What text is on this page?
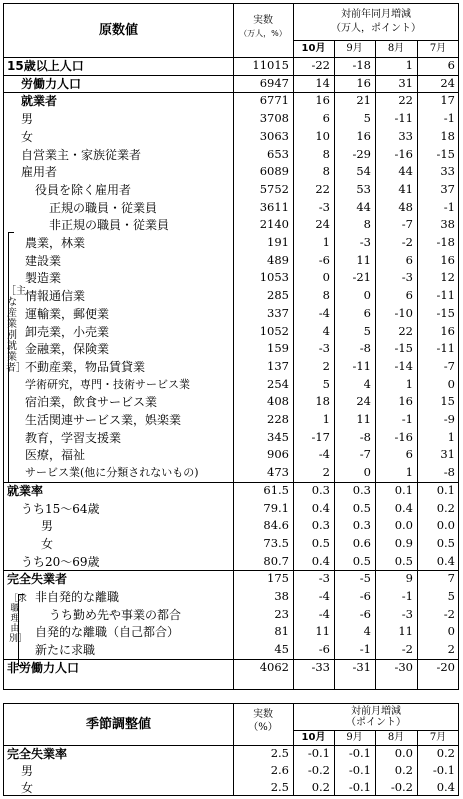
原数値
実数
（万人，%）
対前年同月増減
（万人，ポイント）
10月	9月	8月	7月
15歳以上人口	11015	-22	-18	1	6
労働力人口	6947	14	16	31	24
就業者	6771	16	21	22	17
男	3708	6	5	-11	-1
女	3063	10	16	33	18
自営業主・家族従業者	653	8	-29	-16	-15
雇用者	6089	8	54	44	33
役員を除く雇用者	5752	22	53	41	37
正規の職員・従業員	3611	-3	44	48	-1
非正規の職員・従業員	2140	24	8	-7	38
農業，林業	191	1	-3	-2	-18
建設業	489	-6	11	6	16
製造業	1053	0	-21	-3	12
情報通信業	285	8	0	6	-11
運輸業，郵便業	337	-4	6	-10	-15
卸売業，小売業	1052	4	5	22	16
金融業，保険業	159	-3	-8	-15	-11
不動産業，物品賃貸業	137	2	-11	-14	-7
学術研究，専門・技術サービス業	254	5	4	1	0
宿泊業，飲食サービス業	408	18	24	16	15
生活関連サービス業，娯楽業	228	1	11	-1	-9
教育，学習支援業	345	-17	-8	-16	1
医療，福祉	906	-4	-7	6	31
サービス業(他に分類されないもの)	473	2	0	1	-8
就業率	61.5	0.3	0.3	0.1	0.1
うち15～64歳	79.1	0.4	0.5	0.4	0.2
男	84.6	0.3	0.3	0.0	0.0
女	73.5	0.5	0.6	0.9	0.5
うち20～69歳	80.7	0.4	0.5	0.5	0.4
完全失業者	175	-3	-5	9	7
非自発的な離職	38	-4	-6	-1	5
うち勤め先や事業の都合	23	-4	-6	-3	-2
自発的な離職（自己都合）	81	11	4	11	0
新たに求職	45	-6	-1	-2	2
非労働力人口	4062	-33	-31	-30	-20
［主な産業別就業者］
［求職理由別］
季節調整値
実数
（%）
対前月増減
（ポイント）
10月	9月	8月	7月
完全失業率	2.5	-0.1	-0.1	0.0	0.2
男	2.6	-0.2	-0.1	0.2	-0.1
女	2.5	0.2	-0.1	-0.2	0.4
